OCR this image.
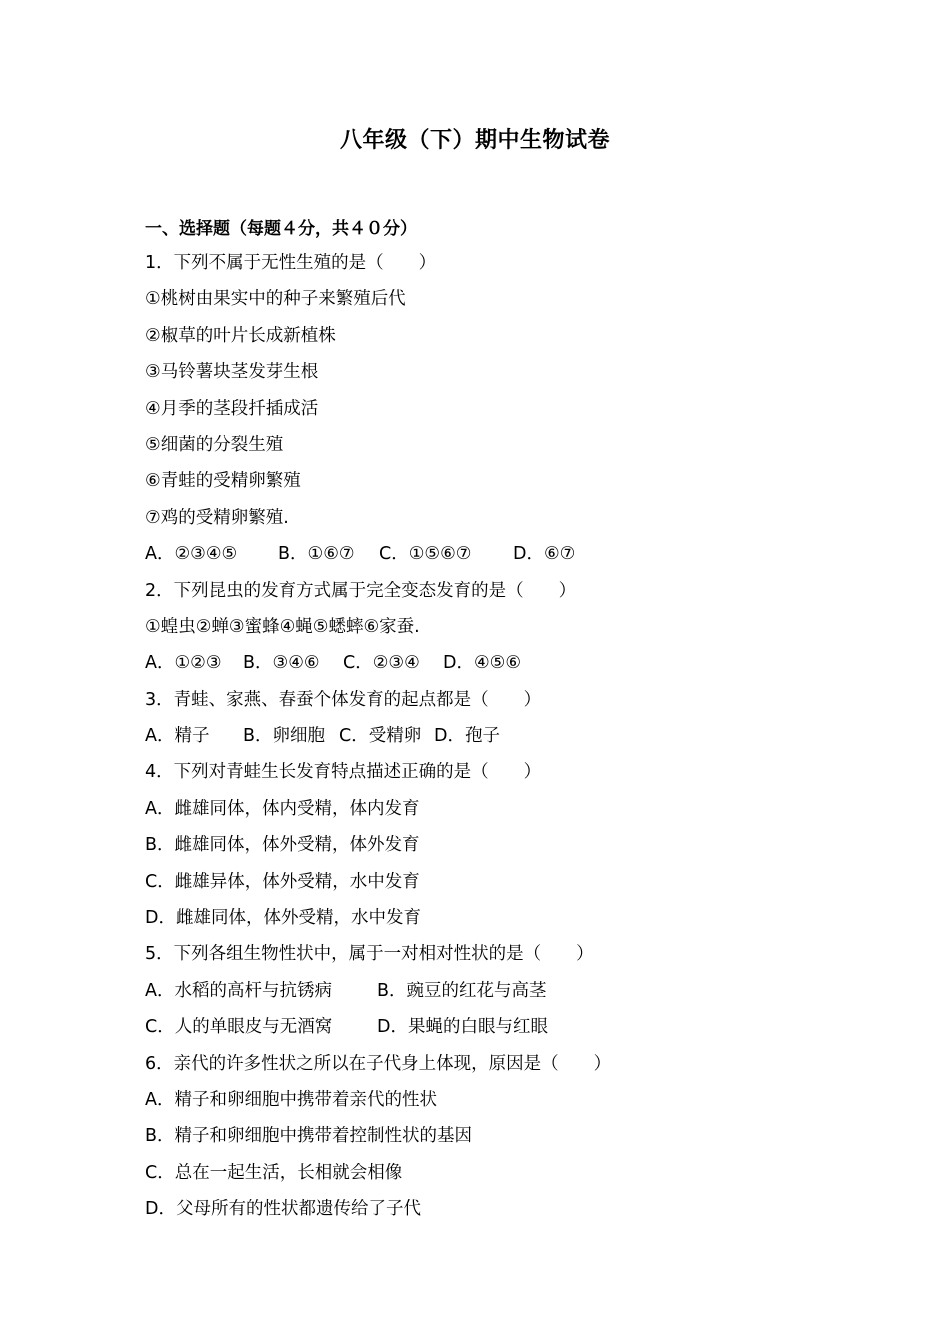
八年级（下）期中生物试卷
一、选择题（每题４分，共４０分）
1．下列不属于无性生殖的是（　　）
①桃树由果实中的种子来繁殖后代
②椒草的叶片长成新植株
③马铃薯块茎发芽生根
④月季的茎段扦插成活
⑤细菌的分裂生殖
⑥青蛙的受精卵繁殖
⑦鸡的受精卵繁殖.
A．②③④⑤	B．①⑥⑦	C．①⑤⑥⑦	D．⑥⑦
2．下列昆虫的发育方式属于完全变态发育的是（　　）
①蝗虫②蝉③蜜蜂④蝇⑤蟋蟀⑥家蚕.
A．①②③	B．③④⑥	C．②③④	D．④⑤⑥
3．青蛙、家燕、春蚕个体发育的起点都是（　　）
A．精子	B．卵细胞 C．受精卵 D．孢子
4．下列对青蛙生长发育特点描述正确的是（　　）
A．雌雄同体，体内受精，体内发育
B．雌雄同体，体外受精，体外发育
C．雌雄异体，体外受精，水中发育
D．雌雄同体，体外受精，水中发育
5．下列各组生物性状中，属于一对相对性状的是（　　）
A．水稻的高杆与抗锈病	B．豌豆的红花与高茎
C．人的单眼皮与无酒窝	D．果蝇的白眼与红眼
6．亲代的许多性状之所以在子代身上体现，原因是（　　）
A．精子和卵细胞中携带着亲代的性状
B．精子和卵细胞中携带着控制性状的基因
C．总在一起生活，长相就会相像
D．父母所有的性状都遗传给了子代
